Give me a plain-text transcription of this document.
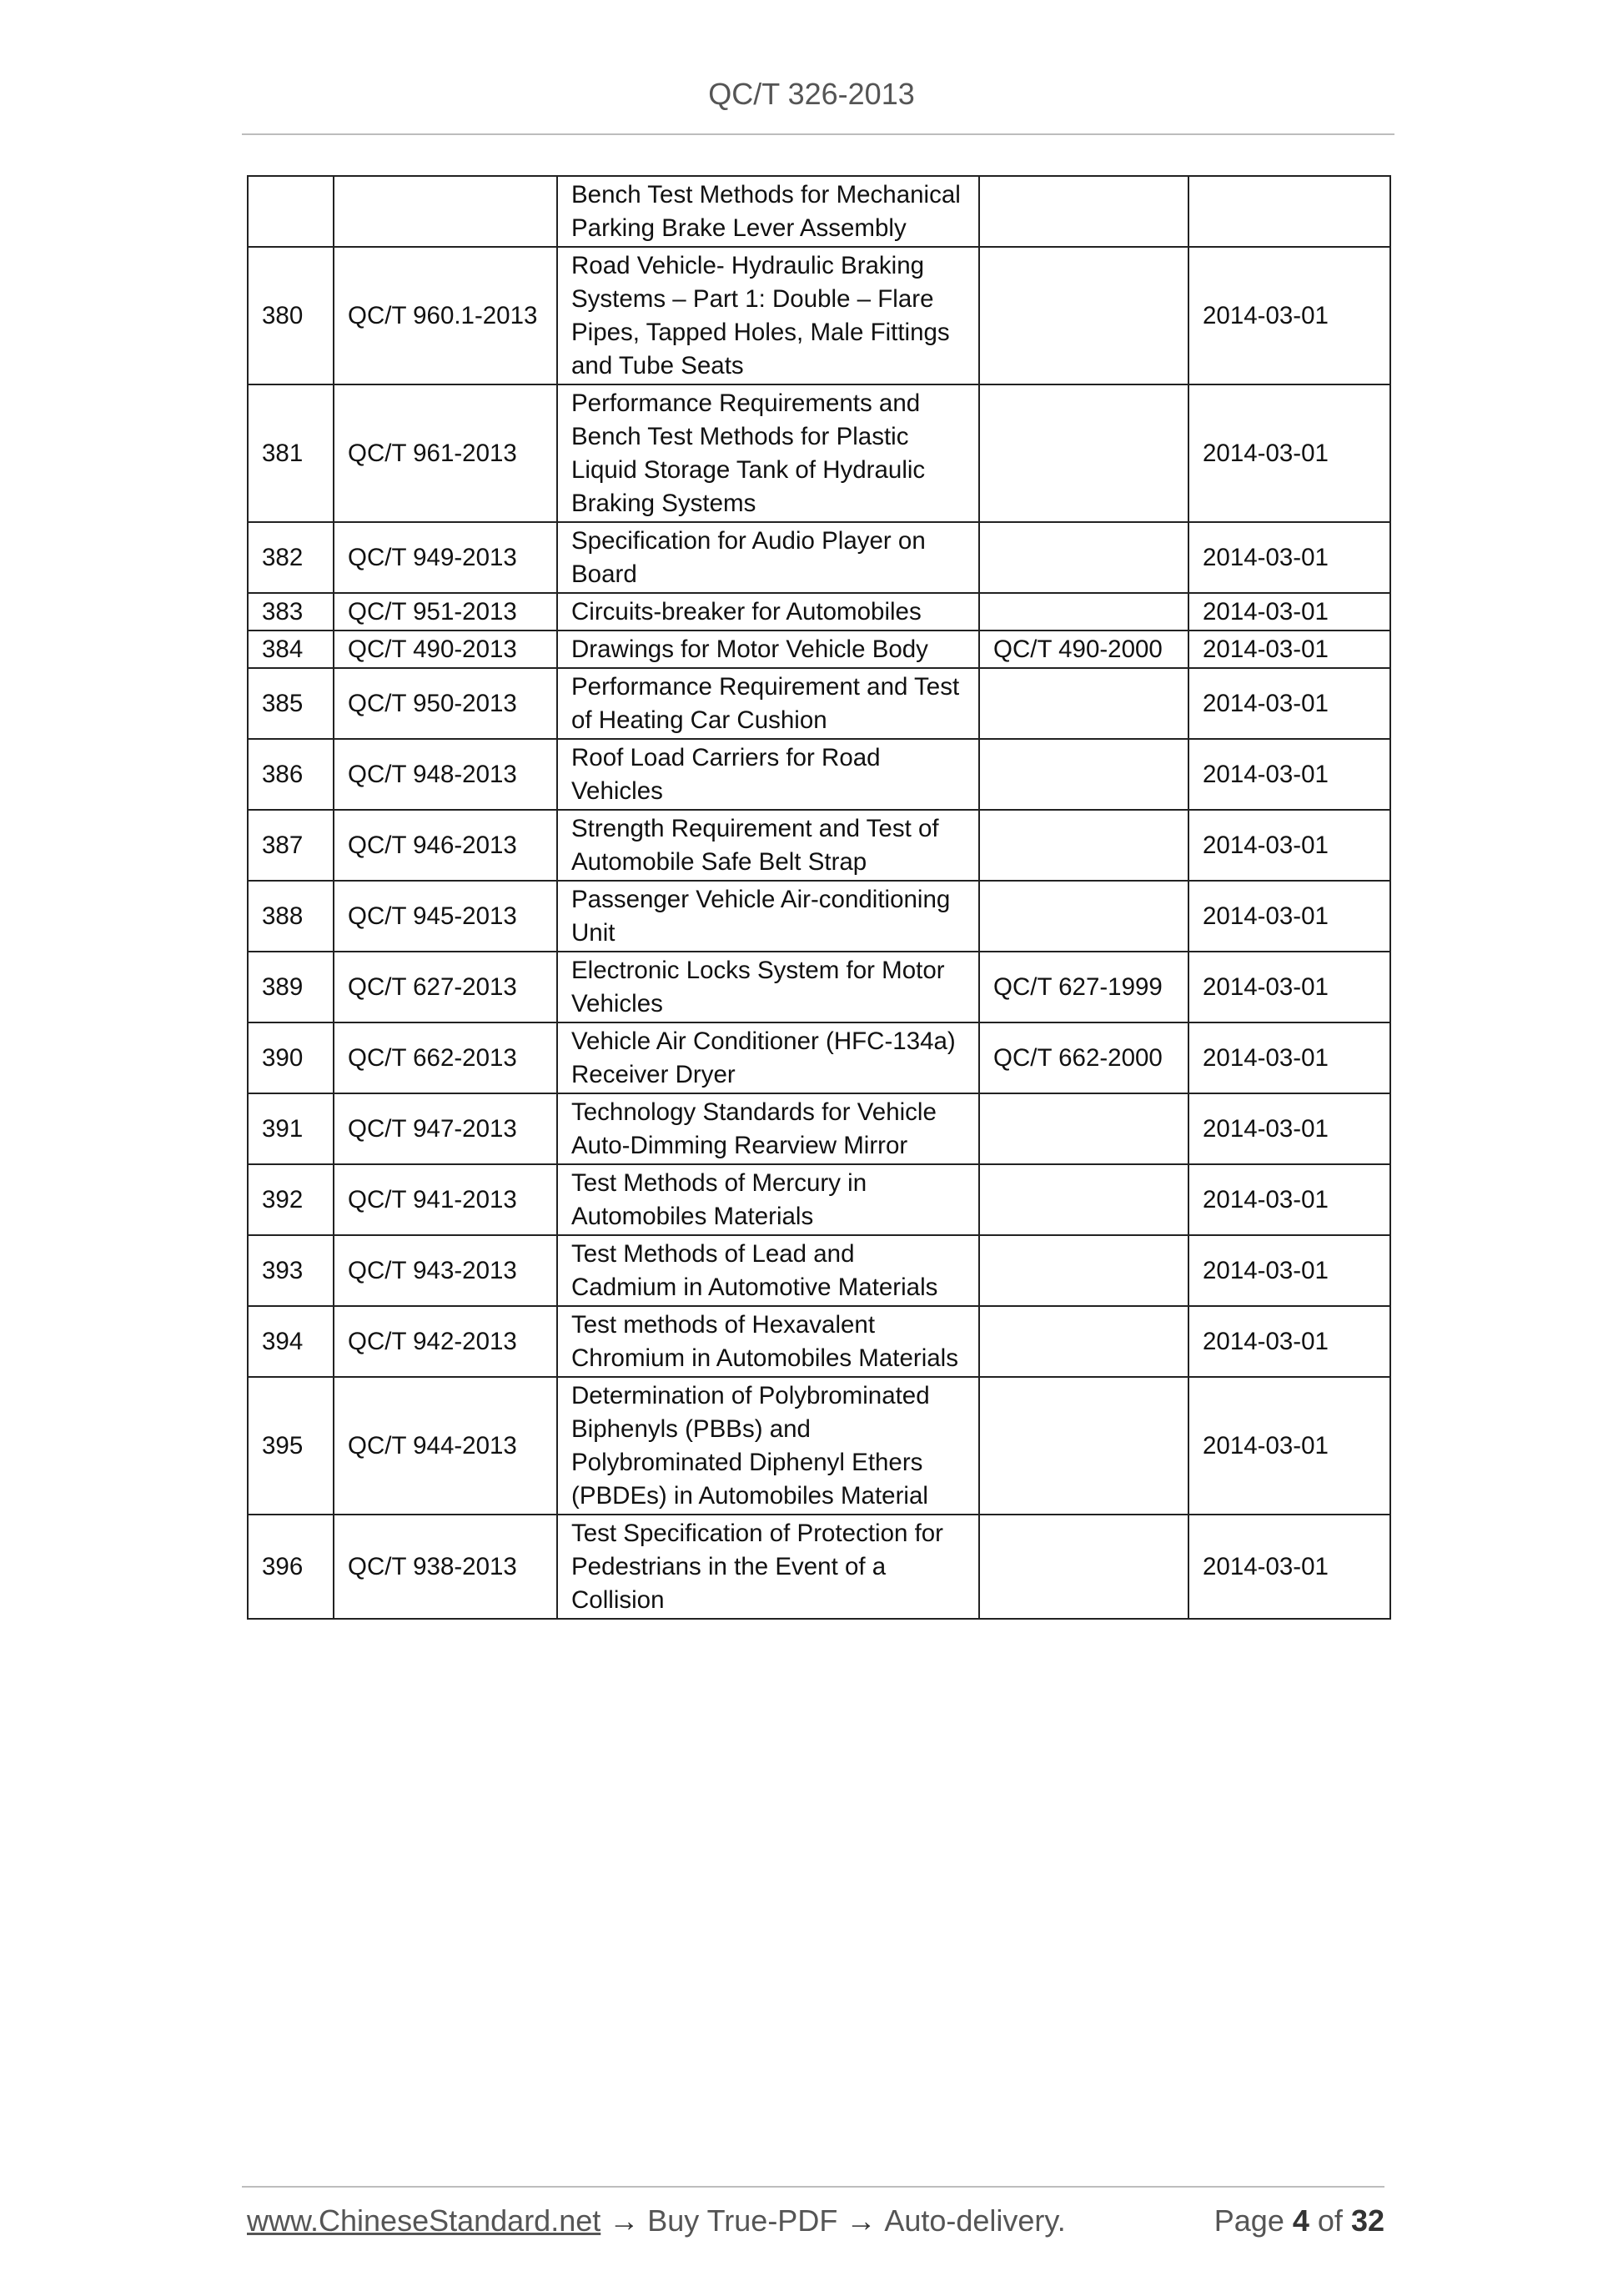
QC/T 326-2013
		Bench Test Methods for Mechanical
Parking Brake Lever Assembly		
380	QC/T 960.1-2013	Road Vehicle- Hydraulic Braking
Systems – Part 1: Double – Flare
Pipes, Tapped Holes, Male Fittings
and Tube Seats		2014-03-01
381	QC/T 961-2013	Performance Requirements and
Bench Test Methods for Plastic
Liquid Storage Tank of Hydraulic
Braking Systems		2014-03-01
382	QC/T 949-2013	Specification for Audio Player on
Board		2014-03-01
383	QC/T 951-2013	Circuits-breaker for Automobiles		2014-03-01
384	QC/T 490-2013	Drawings for Motor Vehicle Body	QC/T 490-2000	2014-03-01
385	QC/T 950-2013	Performance Requirement and Test
of Heating Car Cushion		2014-03-01
386	QC/T 948-2013	Roof Load Carriers for Road
Vehicles		2014-03-01
387	QC/T 946-2013	Strength Requirement and Test of
Automobile Safe Belt Strap		2014-03-01
388	QC/T 945-2013	Passenger Vehicle Air-conditioning
Unit		2014-03-01
389	QC/T 627-2013	Electronic Locks System for Motor
Vehicles	QC/T 627-1999	2014-03-01
390	QC/T 662-2013	Vehicle Air Conditioner (HFC-134a)
Receiver Dryer	QC/T 662-2000	2014-03-01
391	QC/T 947-2013	Technology Standards for Vehicle
Auto-Dimming Rearview Mirror		2014-03-01
392	QC/T 941-2013	Test Methods of Mercury in
Automobiles Materials		2014-03-01
393	QC/T 943-2013	Test Methods of Lead and
Cadmium in Automotive Materials		2014-03-01
394	QC/T 942-2013	Test methods of Hexavalent
Chromium in Automobiles Materials		2014-03-01
395	QC/T 944-2013	Determination of Polybrominated
Biphenyls (PBBs) and
Polybrominated Diphenyl Ethers
(PBDEs) in Automobiles Material		2014-03-01
396	QC/T 938-2013	Test Specification of Protection for
Pedestrians in the Event of a
Collision		2014-03-01
www.ChineseStandard.net → Buy True-PDF → Auto-delivery.	Page 4 of 32
